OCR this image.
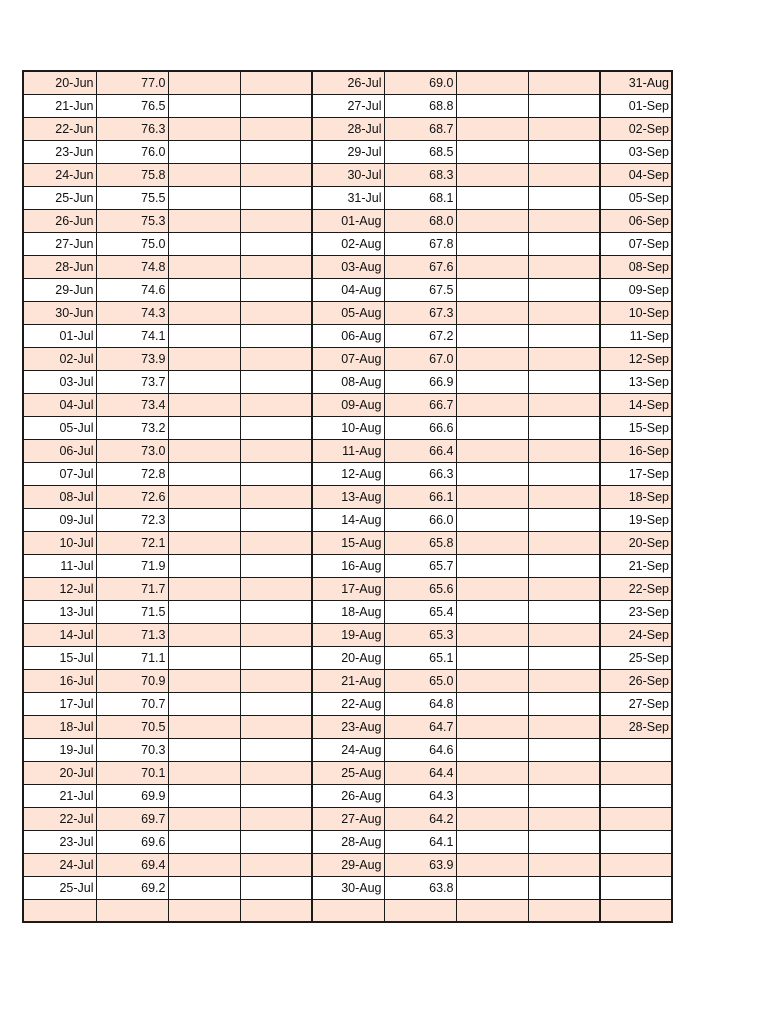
20-Jun	77.0			26-Jul	69.0			31-Aug
21-Jun	76.5			27-Jul	68.8			01-Sep
22-Jun	76.3			28-Jul	68.7			02-Sep
23-Jun	76.0			29-Jul	68.5			03-Sep
24-Jun	75.8			30-Jul	68.3			04-Sep
25-Jun	75.5			31-Jul	68.1			05-Sep
26-Jun	75.3			01-Aug	68.0			06-Sep
27-Jun	75.0			02-Aug	67.8			07-Sep
28-Jun	74.8			03-Aug	67.6			08-Sep
29-Jun	74.6			04-Aug	67.5			09-Sep
30-Jun	74.3			05-Aug	67.3			10-Sep
01-Jul	74.1			06-Aug	67.2			11-Sep
02-Jul	73.9			07-Aug	67.0			12-Sep
03-Jul	73.7			08-Aug	66.9			13-Sep
04-Jul	73.4			09-Aug	66.7			14-Sep
05-Jul	73.2			10-Aug	66.6			15-Sep
06-Jul	73.0			11-Aug	66.4			16-Sep
07-Jul	72.8			12-Aug	66.3			17-Sep
08-Jul	72.6			13-Aug	66.1			18-Sep
09-Jul	72.3			14-Aug	66.0			19-Sep
10-Jul	72.1			15-Aug	65.8			20-Sep
11-Jul	71.9			16-Aug	65.7			21-Sep
12-Jul	71.7			17-Aug	65.6			22-Sep
13-Jul	71.5			18-Aug	65.4			23-Sep
14-Jul	71.3			19-Aug	65.3			24-Sep
15-Jul	71.1			20-Aug	65.1			25-Sep
16-Jul	70.9			21-Aug	65.0			26-Sep
17-Jul	70.7			22-Aug	64.8			27-Sep
18-Jul	70.5			23-Aug	64.7			28-Sep
19-Jul	70.3			24-Aug	64.6			
20-Jul	70.1			25-Aug	64.4			
21-Jul	69.9			26-Aug	64.3			
22-Jul	69.7			27-Aug	64.2			
23-Jul	69.6			28-Aug	64.1			
24-Jul	69.4			29-Aug	63.9			
25-Jul	69.2			30-Aug	63.8			
